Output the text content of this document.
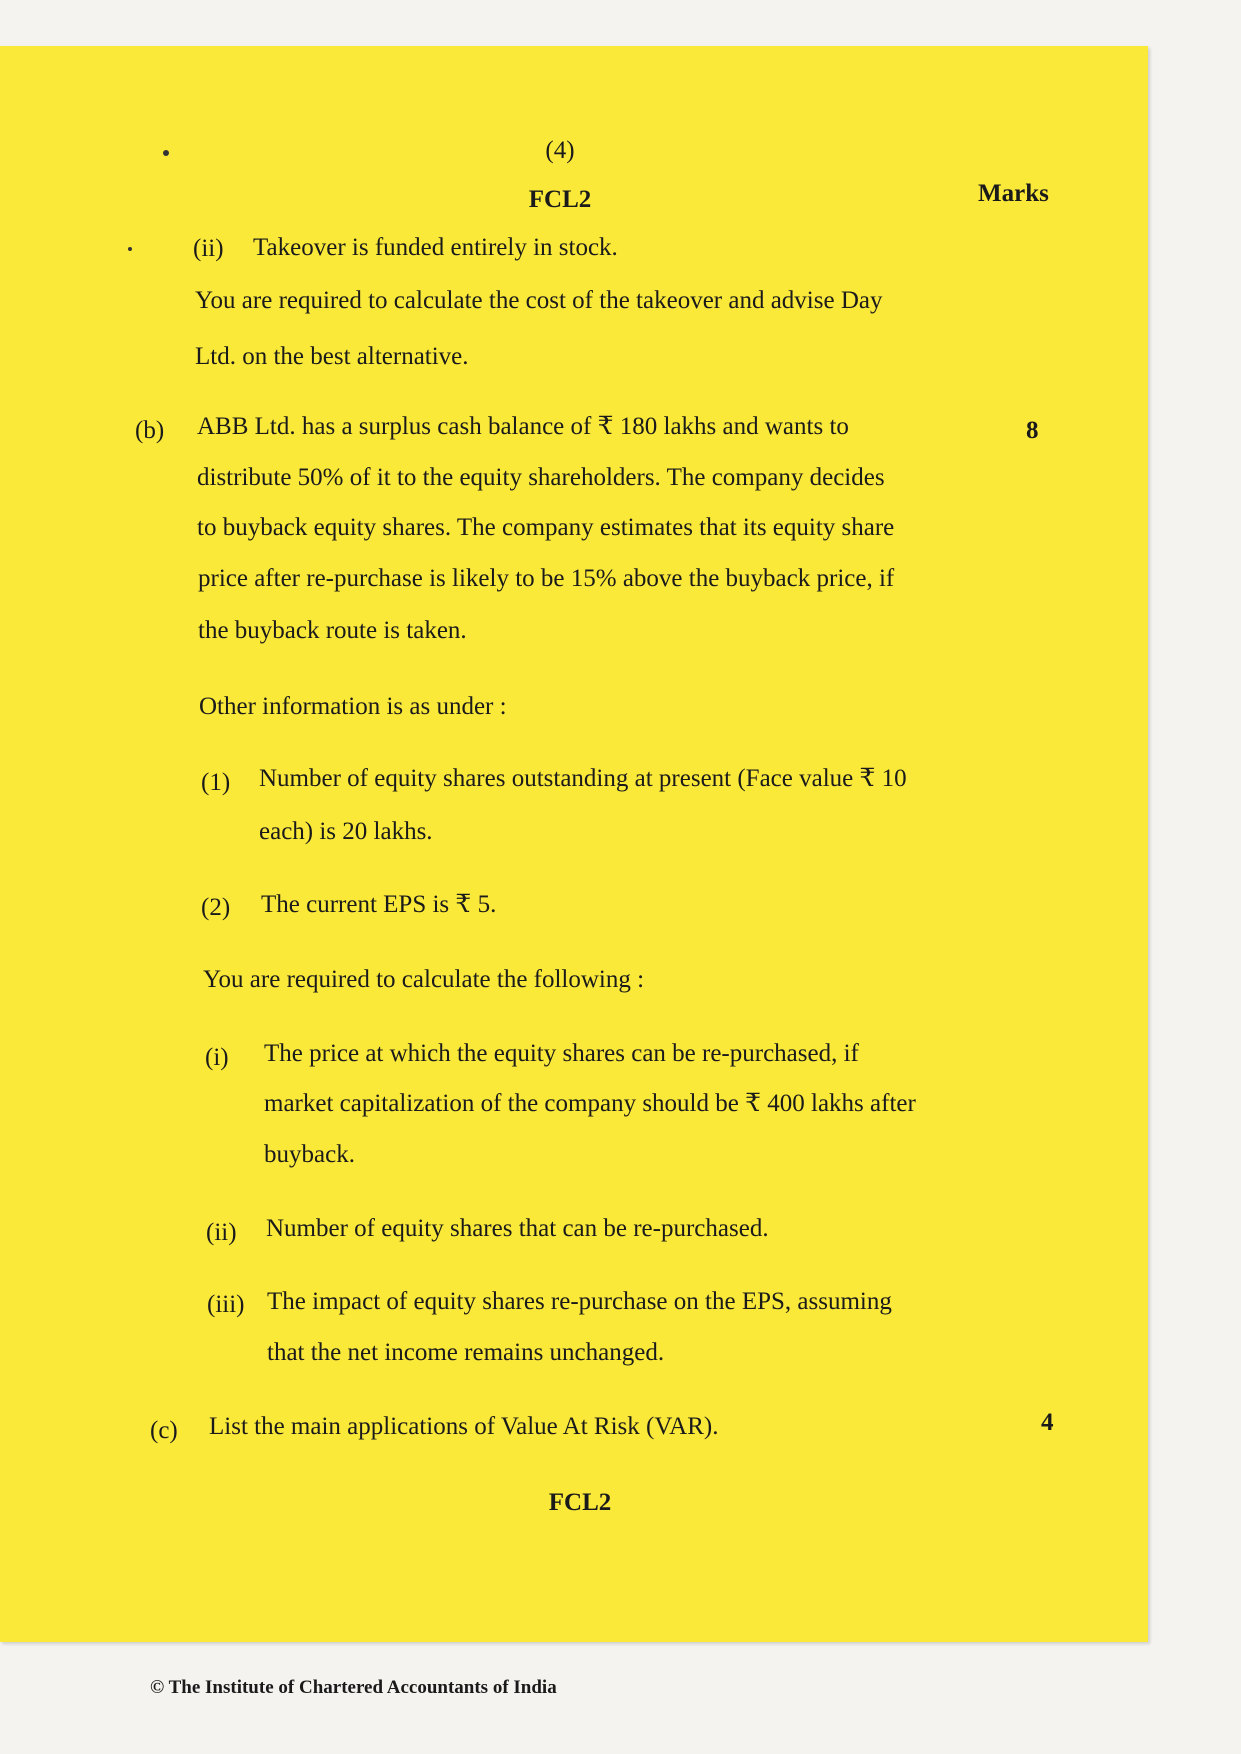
(4)
FCL2	Marks
(ii) Takeover is funded entirely in stock.
You are required to calculate the cost of the takeover and advise Day
Ltd. on the best alternative.
(b)	8
ABB Ltd. has a surplus cash balance of ₹ 180 lakhs and wants to
distribute 50% of it to the equity shareholders. The company decides
to buyback equity shares. The company estimates that its equity share
price after re-purchase is likely to be 15% above the buyback price, if
the buyback route is taken.
Other information is as under :
(1) Number of equity shares outstanding at present (Face value ₹ 10
each) is 20 lakhs.
(2) The current EPS is ₹ 5.
You are required to calculate the following :
(i) The price at which the equity shares can be re-purchased, if
market capitalization of the company should be ₹ 400 lakhs after
buyback.
(ii) Number of equity shares that can be re-purchased.
(iii) The impact of equity shares re-purchase on the EPS, assuming
that the net income remains unchanged.
(c) List the main applications of Value At Risk (VAR).	4
FCL2
© The Institute of Chartered Accountants of India
